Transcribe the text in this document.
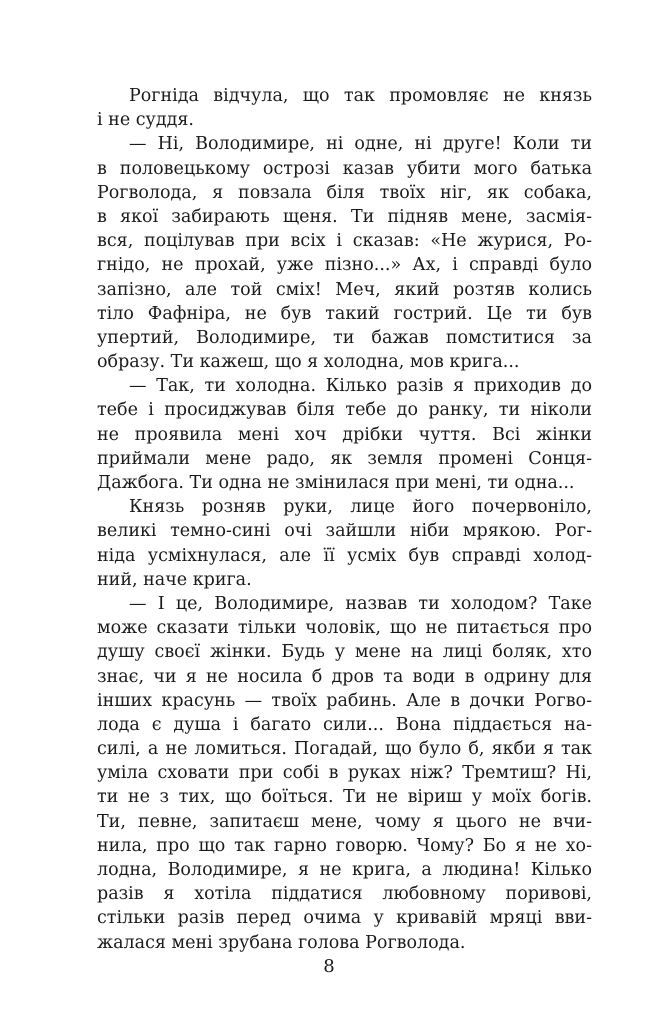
Рогніда відчула, що так промовляє не князь
і не суддя.
— Ні, Володимире, ні одне, ні друге! Коли ти
в половецькому острозі казав убити мого батька
Рогволода, я повзала біля твоїх ніг, як собака,
в якої забирають щеня. Ти підняв мене, засмія-
вся, поцілував при всіх і сказав: «Не журися, Ро-
гнідо, не прохай, уже пізно...» Ах, і справді було
запізно, але той сміх! Меч, який розтяв колись
тіло Фафніра, не був такий гострий. Це ти був
упертий, Володимире, ти бажав помститися за
образу. Ти кажеш, що я холодна, мов крига...
— Так, ти холодна. Кілько разів я приходив до
тебе і просиджував біля тебе до ранку, ти ніколи
не проявила мені хоч дрібки чуття. Всі жінки
приймали мене радо, як земля промені Сонця-
Дажбога. Ти одна не змінилася при мені, ти одна...
Князь розняв руки, лице його почервоніло,
великі темно-сині очі зайшли ніби мрякою. Рог-
ніда усміхнулася, але її усміх був справді холод-
ний, наче крига.
— І це, Володимире, назвав ти холодом? Таке
може сказати тільки чоловік, що не питається про
душу своєї жінки. Будь у мене на лиці боляк, хто
знає, чи я не носила б дров та води в одрину для
інших красунь — твоїх рабинь. Але в дочки Рогво-
лода є душа і багато сили... Вона піддається на-
силі, а не ломиться. Погадай, що було б, якби я так
уміла сховати при собі в руках ніж? Тремтиш? Ні,
ти не з тих, що боїться. Ти не віриш у моїх богів.
Ти, певне, запитаєш мене, чому я цього не вчи-
нила, про що так гарно говорю. Чому? Бо я не хо-
лодна, Володимире, я не крига, а людина! Кілько
разів я хотіла піддатися любовному поривові,
стільки разів перед очима у кривавій мряці вви-
жалася мені зрубана голова Рогволода.
8
